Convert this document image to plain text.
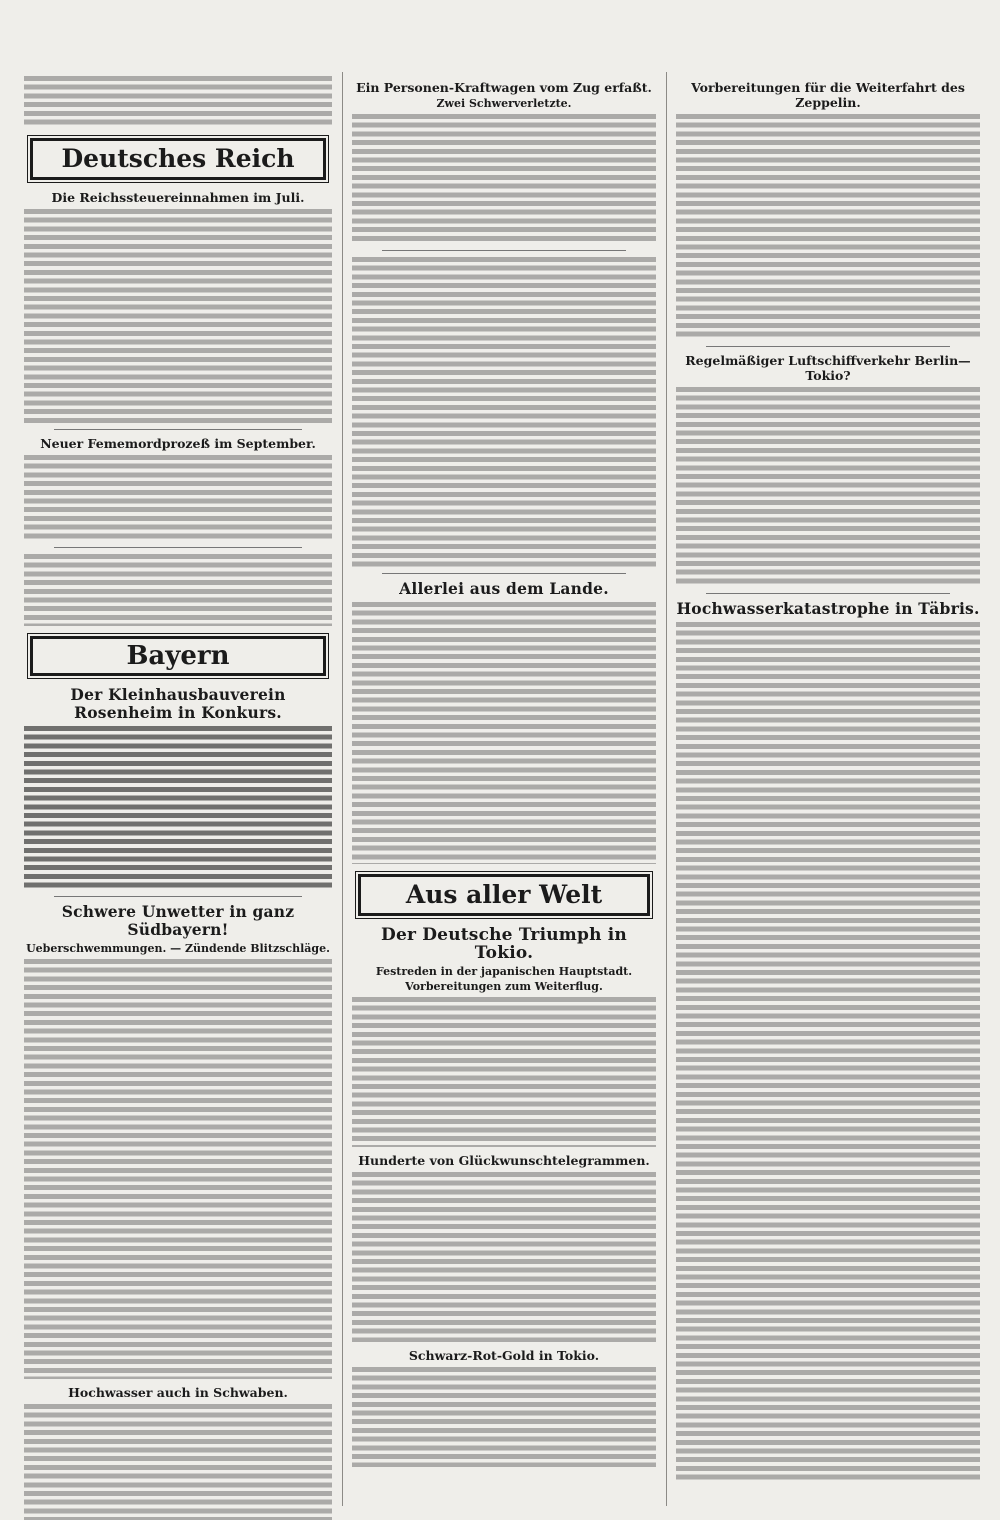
Deutsches Reich
Die Reichssteuereinnahmen im Juli.
Neuer Fememordprozeß im September.
Bayern
Der Kleinhausbauverein Rosenheim in Konkurs.
Schwere Unwetter in ganz Südbayern!
Ueberschwemmungen. — Zündende Blitzschläge.
Hochwasser auch in Schwaben.
Ein Personen-Kraftwagen vom Zug erfaßt.
Zwei Schwerverletzte.
Allerlei aus dem Lande.
Aus aller Welt
Der Deutsche Triumph in Tokio.
Festreden in der japanischen Hauptstadt.
Vorbereitungen zum Weiterflug.
Hunderte von Glückwunschtelegrammen.
Schwarz-Rot-Gold in Tokio.
Vorbereitungen für die Weiterfahrt des Zeppelin.
Regelmäßiger Luftschiffverkehr Berlin—Tokio?
Hochwasserkatastrophe in Täbris.
